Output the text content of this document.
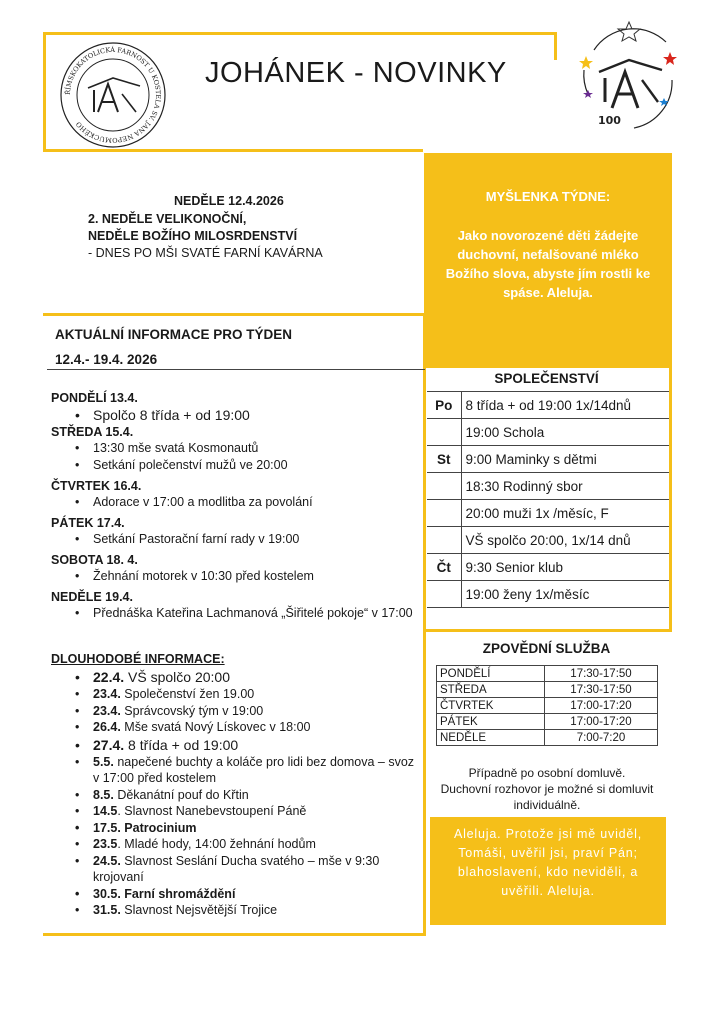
ŘÍMSKOKATOLICKÁ FARNOST U KOSTELA SV. JANA NEPOMUCKÉHO
JOHÁNEK - NOVINKY
100
NEDĚLE 12.4.2026
2. NEDĚLE VELIKONOČNÍ,
NEDĚLE BOŽÍHO MILOSRDENSTVÍ
- DNES PO MŠI SVATÉ FARNÍ KAVÁRNA
MYŠLENKA TÝDNE:
Jako novorozené děti žádejte duchovní, nefalšované mléko Božího slova, abyste jím rostli ke spáse. Aleluja.
AKTUÁLNÍ INFORMACE PRO TÝDEN
12.4.- 19.4. 2026
PONDĚLÍ 13.4.
• Spolčo 8 třída + od 19:00
STŘEDA 15.4.
• 13:30 mše svatá Kosmonautů
• Setkání polečenství mužů ve 20:00
ČTVRTEK 16.4.
• Adorace v 17:00 a modlitba za povolání
PÁTEK 17.4.
• Setkání Pastorační farní rady v 19:00
SOBOTA 18. 4.
• Žehnání motorek v 10:30 před kostelem
NEDĚLE 19.4.
• Přednáška Kateřina Lachmanová „Šiřitelé pokoje“ v 17:00
DLOUHODOBÉ INFORMACE:
• 22.4. VŠ spolčo 20:00
• 23.4. Společenství žen 19.00
• 23.4. Správcovský tým v 19:00
• 26.4. Mše svatá Nový Lískovec v 18:00
• 27.4. 8 třída + od 19:00
• 5.5. napečené buchty a koláče pro lidi bez domova – svoz v 17:00 před kostelem
• 8.5. Děkanátní pouf do Křtin
• 14.5. Slavnost Nanebevstoupení Páně
• 17.5. Patrocinium
• 23.5. Mladé hody, 14:00 žehnání hodům
• 24.5. Slavnost Seslání Ducha svatého – mše v 9:30 krojovaní
• 30.5. Farní shromáždění
• 31.5. Slavnost Nejsvětější Trojice
SPOLEČENSTVÍ
Po	8 třída + od 19:00 1x/14dnů
	19:00 Schola
St	9:00 Maminky s dětmi
	18:30 Rodinný sbor
	20:00 muži 1x /měsíc, F
	VŠ spolčo 20:00, 1x/14 dnů
Čt	9:30 Senior klub
	19:00 ženy 1x/měsíc
ZPOVĚDNÍ SLUŽBA
PONDĚLÍ	17:30-17:50
STŘEDA	17:30-17:50
ČTVRTEK	17:00-17:20
PÁTEK	17:00-17:20
NEDĚLE	7:00-7:20
Případně po osobní domluvě.
Duchovní rozhovor je možné si domluvit
individuálně.
Aleluja. Protože jsi mě uviděl, Tomáši, uvěřil jsi, praví Pán; blahoslavení, kdo neviděli, a uvěřili. Aleluja.
